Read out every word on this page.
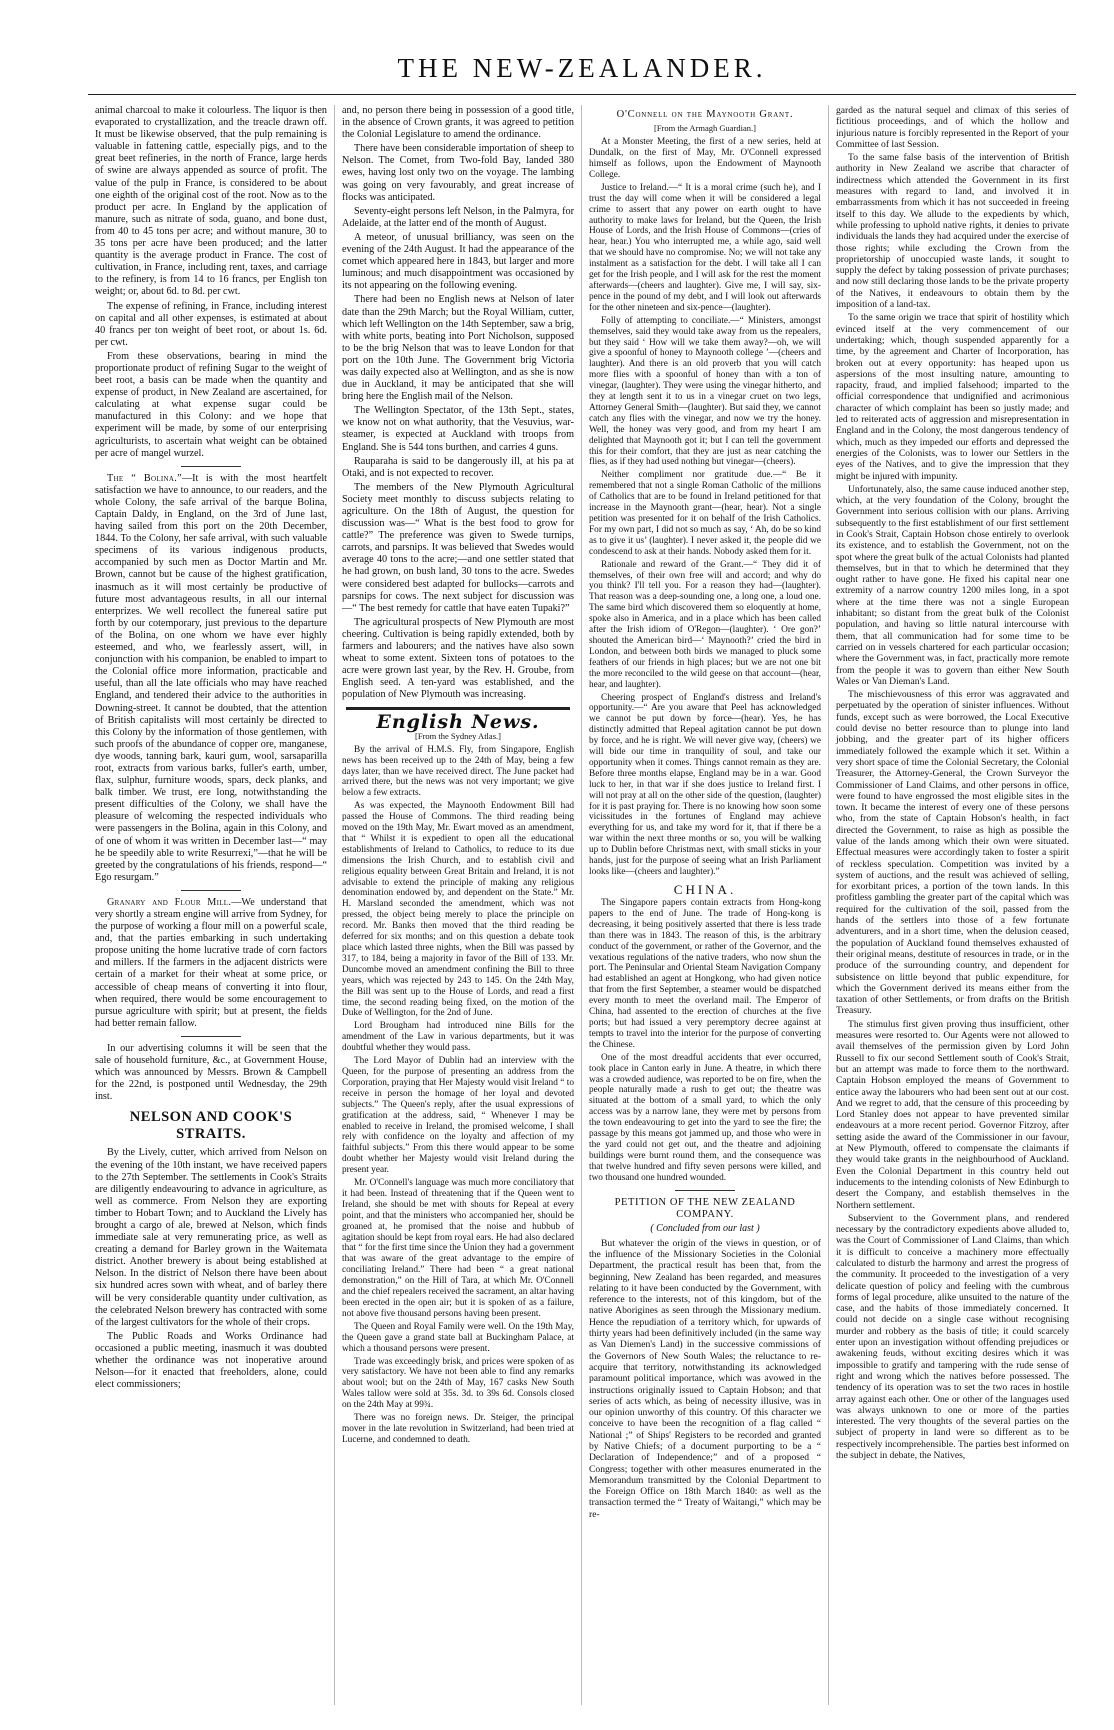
THE NEW-ZEALANDER.

animal charcoal to make it colourless. The liquor is then evaporated to crystallization, and the treacle drawn off. It must be likewise observed, that the pulp remaining is valuable in fattening cattle, especially pigs, and to the great beet refineries, in the north of France, large herds of swine are always appended as source of profit. The value of the pulp in France, is considered to be about one eighth of the original cost of the root. Now as to the product per acre. In England by the application of manure, such as nitrate of soda, guano, and bone dust, from 40 to 45 tons per acre; and without manure, 30 to 35 tons per acre have been produced; and the latter quantity is the average product in France. The cost of cultivation, in France, including rent, taxes, and carriage to the refinery, is from 14 to 16 francs, per English ton weight; or, about 6d. to 8d. per cwt.

The expense of refining, in France, including interest on capital and all other expenses, is estimated at about 40 francs per ton weight of beet root, or about 1s. 6d. per cwt.

From these observations, bearing in mind the proportionate product of refining Sugar to the weight of beet root, a basis can be made when the quantity and expense of product, in New Zealand are ascertained, for calculating at what expense sugar could be manufactured in this Colony: and we hope that experiment will be made, by some of our enterprising agriculturists, to ascertain what weight can be obtained per acre of mangel wurzel.

The “ Bolina.”—It is with the most heartfelt satisfaction we have to announce, to our readers, and the whole Colony, the safe arrival of the barque Bolina, Captain Daldy, in England, on the 3rd of June last, having sailed from this port on the 20th December, 1844. To the Colony, her safe arrival, with such valuable specimens of its various indigenous products, accompanied by such men as Doctor Martin and Mr. Brown, cannot but be cause of the highest gratification, inasmuch as it will most certainly be productive of future most advantageous results, in all our internal enterprizes. We well recollect the funereal satire put forth by our cotemporary, just previous to the departure of the Bolina, on one whom we have ever highly esteemed, and who, we fearlessly assert, will, in conjunction with his companion, be enabled to impart to the Colonial office more information, practicable and useful, than all the late officials who may have reached England, and tendered their advice to the authorities in Downing-street. It cannot be doubted, that the attention of British capitalists will most certainly be directed to this Colony by the information of those gentlemen, with such proofs of the abundance of copper ore, manganese, dye woods, tanning bark, kauri gum, wool, sarsaparilla root, extracts from various barks, fuller's earth, umber, flax, sulphur, furniture woods, spars, deck planks, and balk timber. We trust, ere long, notwithstanding the present difficulties of the Colony, we shall have the pleasure of welcoming the respected individuals who were passengers in the Bolina, again in this Colony, and of one of whom it was written in December last—“ may he be speedily able to write Resurrexi,”—that he will be greeted by the congratulations of his friends, respond—“ Ego resurgam.”

Granary and Flour Mill.—We understand that very shortly a stream engine will arrive from Sydney, for the purpose of working a flour mill on a powerful scale, and, that the parties embarking in such undertaking propose uniting the home lucrative trade of corn factors and millers. If the farmers in the adjacent districts were certain of a market for their wheat at some price, or accessible of cheap means of converting it into flour, when required, there would be some encouragement to pursue agriculture with spirit; but at present, the fields had better remain fallow.

In our advertising columns it will be seen that the sale of household furniture, &c., at Government House, which was announced by Messrs. Brown & Campbell for the 22nd, is postponed until Wednesday, the 29th inst.

NELSON AND COOK'S STRAITS.

By the Lively, cutter, which arrived from Nelson on the evening of the 10th instant, we have received papers to the 27th September. The settlements in Cook's Straits are diligently endeavouring to advance in agriculture, as well as commerce. From Nelson they are exporting timber to Hobart Town; and to Auckland the Lively has brought a cargo of ale, brewed at Nelson, which finds immediate sale at very remunerating price, as well as creating a demand for Barley grown in the Waitemata district. Another brewery is about being established at Nelson. In the district of Nelson there have been about six hundred acres sown with wheat, and of barley there will be very considerable quantity under cultivation, as the celebrated Nelson brewery has contracted with some of the largest cultivators for the whole of their crops.

The Public Roads and Works Ordinance had occasioned a public meeting, inasmuch it was doubted whether the ordinance was not inoperative around Nelson—for it enacted that freeholders, alone, could elect commissioners;

and, no person there being in possession of a good title, in the absence of Crown grants, it was agreed to petition the Colonial Legislature to amend the ordinance.

There have been considerable importation of sheep to Nelson. The Comet, from Two-fold Bay, landed 380 ewes, having lost only two on the voyage. The lambing was going on very favourably, and great increase of flocks was anticipated.

Seventy-eight persons left Nelson, in the Palmyra, for Adelaide, at the latter end of the month of August.

A meteor, of unusual brilliancy, was seen on the evening of the 24th August. It had the appearance of the comet which appeared here in 1843, but larger and more luminous; and much disappointment was occasioned by its not appearing on the following evening.

There had been no English news at Nelson of later date than the 29th March; but the Royal William, cutter, which left Wellington on the 14th September, saw a brig, with white ports, beating into Port Nicholson, supposed to be the brig Nelson that was to leave London for that port on the 10th June. The Government brig Victoria was daily expected also at Wellington, and as she is now due in Auckland, it may be anticipated that she will bring here the English mail of the Nelson.

The Wellington Spectator, of the 13th Sept., states, we know not on what authority, that the Vesuvius, war-steamer, is expected at Auckland with troops from England. She is 544 tons burthen, and carries 4 guns.

Rauparaha is said to be dangerously ill, at his pa at Otaki, and is not expected to recover.

The members of the New Plymouth Agricultural Society meet monthly to discuss subjects relating to agriculture. On the 18th of August, the question for discussion was—“ What is the best food to grow for cattle?” The preference was given to Swede turnips, carrots, and parsnips. It was believed that Swedes would average 40 tons to the acre;—and one settler stated that he had grown, on bush land, 30 tons to the acre. Swedes were considered best adapted for bullocks—carrots and parsnips for cows. The next subject for discussion was—“ The best remedy for cattle that have eaten Tupaki?”

The agricultural prospects of New Plymouth are most cheering. Cultivation is being rapidly extended, both by farmers and labourers; and the natives have also sown wheat to some extent. Sixteen tons of potatoes to the acre were grown last year, by the Rev. H. Groube, from English seed. A ten-yard was established, and the population of New Plymouth was increasing.

English News.
[From the Sydney Atlas.]

By the arrival of H.M.S. Fly, from Singapore, English news has been received up to the 24th of May, being a few days later, than we have received direct. The June packet had arrived there, but the news was not very important; we give below a few extracts.

As was expected, the Maynooth Endowment Bill had passed the House of Commons. The third reading being moved on the 19th May, Mr. Ewart moved as an amendment, that “ Whilst it is expedient to open all the educational establishments of Ireland to Catholics, to reduce to its due dimensions the Irish Church, and to establish civil and religious equality between Great Britain and Ireland, it is not advisable to extend the principle of making any religious denomination endowed by, and dependent on the State.” Mr. H. Marsland seconded the amendment, which was not pressed, the object being merely to place the principle on record. Mr. Banks then moved that the third reading be deferred for six months; and on this question a debate took place which lasted three nights, when the Bill was passed by 317, to 184, being a majority in favor of the Bill of 133. Mr. Duncombe moved an amendment confining the Bill to three years, which was rejected by 243 to 145. On the 24th May, the Bill was sent up to the House of Lords, and read a first time, the second reading being fixed, on the motion of the Duke of Wellington, for the 2nd of June.

Lord Brougham had introduced nine Bills for the amendment of the Law in various departments, but it was doubtful whether they would pass.

The Lord Mayor of Dublin had an interview with the Queen, for the purpose of presenting an address from the Corporation, praying that Her Majesty would visit Ireland “ to receive in person the homage of her loyal and devoted subjects.” The Queen's reply, after the usual expressions of gratification at the address, said, “ Whenever I may be enabled to receive in Ireland, the promised welcome, I shall rely with confidence on the loyalty and affection of my faithful subjects.” From this there would appear to be some doubt whether her Majesty would visit Ireland during the present year.

Mr. O'Connell's language was much more conciliatory that it had been. Instead of threatening that if the Queen went to Ireland, she should be met with shouts for Repeal at every point, and that the ministers who accompanied her, should be groaned at, he promised that the noise and hubbub of agitation should be kept from royal ears. He had also declared that “ for the first time since the Union they had a government that was aware of the great advantage to the empire of conciliating Ireland.” There had been “ a great national demonstration,” on the Hill of Tara, at which Mr. O'Connell and the chief repealers received the sacrament, an altar having been erected in the open air; but it is spoken of as a failure, not above five thousand persons having been present.

The Queen and Royal Family were well. On the 19th May, the Queen gave a grand state ball at Buckingham Palace, at which a thousand persons were present.

Trade was exceedingly brisk, and prices were spoken of as very satisfactory. We have not been able to find any remarks about wool; but on the 24th of May, 167 casks New South Wales tallow were sold at 35s. 3d. to 39s 6d. Consols closed on the 24th May at 99¾.

There was no foreign news. Dr. Steiger, the principal mover in the late revolution in Switzerland, had been tried at Lucerne, and condemned to death.

O'Connell on the Maynooth Grant.
[From the Armagh Guardian.]

At a Monster Meeting, the first of a new series, held at Dundalk, on the first of May, Mr. O'Connell expressed himself as follows, upon the Endowment of Maynooth College.

Justice to Ireland.—“ It is a moral crime (such he), and I trust the day will come when it will be considered a legal crime to assert that any power on earth ought to have authority to make laws for Ireland, but the Queen, the Irish House of Lords, and the Irish House of Commons—(cries of hear, hear.) You who interrupted me, a while ago, said well that we should have no compromise. No; we will not take any instalment as a satisfaction for the debt. I will take all I can get for the Irish people, and I will ask for the rest the moment afterwards—(cheers and laughter). Give me, I will say, six-pence in the pound of my debt, and I will look out afterwards for the other nineteen and six-pence—(laughter).

Folly of attempting to conciliate.—“ Ministers, amongst themselves, said they would take away from us the repealers, but they said ‘ How will we take them away?—oh, we will give a spoonful of honey to Maynooth college ’—(cheers and laughter). And there is an old proverb that you will catch more flies with a spoonful of honey than with a ton of vinegar, (laughter). They were using the vinegar hitherto, and they at length sent it to us in a vinegar cruet on two legs, Attorney General Smith—(laughter). But said they, we cannot catch any flies with the vinegar, and now we try the honey. Well, the honey was very good, and from my heart I am delighted that Maynooth got it; but I can tell the government this for their comfort, that they are just as near catching the flies, as if they had used nothing but vinegar—(cheers).

Neither compliment nor gratitude due.—“ Be it remembered that not a single Roman Catholic of the millions of Catholics that are to be found in Ireland petitioned for that increase in the Maynooth grant—(hear, hear). Not a single petition was presented for it on behalf of the Irish Catholics. For my own part, I did not so much as say, ‘ Ah, do be so kind as to give it us’ (laughter). I never asked it, the people did we condescend to ask at their hands. Nobody asked them for it.

Rationale and reward of the Grant.—“ They did it of themselves, of their own free will and accord; and why do you think? I'll tell you. For a reason they had—(laughter). That reason was a deep-sounding one, a long one, a loud one. The same bird which discovered them so eloquently at home, spoke also in America, and in a place which has been called after the Irish idiom of O'Regon—(laughter). ‘ Ore gon?’ shouted the American bird—‘ Maynooth?’ cried the bird in London, and between both birds we managed to pluck some feathers of our friends in high places; but we are not one bit the more reconciled to the wild geese on that account—(hear, hear, and laughter).

Cheering prospect of England's distress and Ireland's opportunity.—“ Are you aware that Peel has acknowledged we cannot be put down by force—(hear). Yes, he has distinctly admitted that Repeal agitation cannot be put down by force, and he is right. We will never give way, (cheers) we will bide our time in tranquility of soul, and take our opportunity when it comes. Things cannot remain as they are. Before three months elapse, England may be in a war. Good luck to her, in that war if she does justice to Ireland first. I will not pray at all on the other side of the question, (laughter) for it is past praying for. There is no knowing how soon some vicissitudes in the fortunes of England may achieve everything for us, and take my word for it, that if there be a war within the next three months or so, you will be walking up to Dublin before Christmas next, with small sticks in your hands, just for the purpose of seeing what an Irish Parliament looks like—(cheers and laughter).”

CHINA.

The Singapore papers contain extracts from Hong-kong papers to the end of June. The trade of Hong-kong is decreasing, it being positively asserted that there is less trade than there was in 1843. The reason of this, is the arbitrary conduct of the government, or rather of the Governor, and the vexatious regulations of the native traders, who now shun the port. The Peninsular and Oriental Steam Navigation Company had established an agent at Hongkong, who had given notice that from the first September, a steamer would be dispatched every month to meet the overland mail. The Emperor of China, had assented to the erection of churches at the five ports; but had issued a very peremptory decree against at tempts to travel into the interior for the purpose of converting the Chinese.

One of the most dreadful accidents that ever occurred, took place in Canton early in June. A theatre, in which there was a crowded audience, was reported to be on fire, when the people naturally made a rush to get out; the theatre was situated at the bottom of a small yard, to which the only access was by a narrow lane, they were met by persons from the town endeavouring to get into the yard to see the fire; the passage by this means got jammed up, and those who were in the yard could not get out, and the theatre and adjoining buildings were burnt round them, and the consequence was that twelve hundred and fifty seven persons were killed, and two thousand one hundred wounded.

PETITION OF THE NEW ZEALAND COMPANY.
( Concluded from our last )

But whatever the origin of the views in question, or of the influence of the Missionary Societies in the Colonial Department, the practical result has been that, from the beginning, New Zealand has been regarded, and measures relating to it have been conducted by the Government, with reference to the interests, not of this kingdom, but of the native Aborigines as seen through the Missionary medium. Hence the repudiation of a territory which, for upwards of thirty years had been definitively included (in the same way as Van Diemen's Land) in the successive commissions of the Governors of New South Wales; the reluctance to re-acquire that territory, notwithstanding its acknowledged paramount political importance, which was avowed in the instructions originally issued to Captain Hobson; and that series of acts which, as being of necessity illusive, was in our opinion unworthy of this country. Of this character we conceive to have been the recognition of a flag called “ National ;” of Ships' Registers to be recorded and granted by Native Chiefs; of a document purporting to be a “ Declaration of Independence;” and of a proposed “ Congress; together with other measures enumerated in the Memorandum transmitted by the Colonial Department to the Foreign Office on 18th March 1840: as well as the transaction termed the “ Treaty of Waitangi,” which may be re-

garded as the natural sequel and climax of this series of fictitious proceedings, and of which the hollow and injurious nature is forcibly represented in the Report of your Committee of last Session.

To the same false basis of the intervention of British authority in New Zealand we ascribe that character of indirectness which attended the Government in its first measures with regard to land, and involved it in embarrassments from which it has not succeeded in freeing itself to this day. We allude to the expedients by which, while professing to uphold native rights, it denies to private individuals the lands they had acquired under the exercise of those rights; while excluding the Crown from the proprietorship of unoccupied waste lands, it sought to supply the defect by taking possession of private purchases; and now still declaring those lands to be the private property of the Natives, it endeavours to obtain them by the imposition of a land-tax.

To the same origin we trace that spirit of hostility which evinced itself at the very commencement of our undertaking; which, though suspended apparently for a time, by the agreement and Charter of Incorporation, has broken out at every opportunity: has heaped upon us aspersions of the most insulting nature, amounting to rapacity, fraud, and implied falsehood; imparted to the official correspondence that undignified and acrimonious character of which complaint has been so justly made; and led to reiterated acts of aggression and misrepresentation in England and in the Colony, the most dangerous tendency of which, much as they impeded our efforts and depressed the energies of the Colonists, was to lower our Settlers in the eyes of the Natives, and to give the impression that they might be injured with impunity.

Unfortunately, also, the same cause induced another step, which, at the very foundation of the Colony, brought the Government into serious collision with our plans. Arriving subsequently to the first establishment of our first settlement in Cook's Strait, Captain Hobson chose entirely to overlook its existence, and to establish the Government, not on the spot where the great bulk of the actual Colonists had planted themselves, but in that to which he determined that they ought rather to have gone. He fixed his capital near one extremity of a narrow country 1200 miles long, in a spot where at the time there was not a single European inhabitant; so distant from the great bulk of the Colonist population, and having so little natural intercourse with them, that all communication had for some time to be carried on in vessels chartered for each particular occasion; where the Government was, in fact, practically more remote from the people it was to govern than either New South Wales or Van Dieman's Land.

The mischievousness of this error was aggravated and perpetuated by the operation of sinister influences. Without funds, except such as were borrowed, the Local Executive could devise no better resource than to plunge into land jobbing, and the greater part of its higher officers immediately followed the example which it set. Within a very short space of time the Colonial Secretary, the Colonial Treasurer, the Attorney-General, the Crown Surveyor the Commissioner of Land Claims, and other persons in office, were found to have engrossed the most eligible sites in the town. It became the interest of every one of these persons who, from the state of Captain Hobson's health, in fact directed the Government, to raise as high as possible the value of the lands among which their own were situated. Effectual measures were accordingly taken to foster a spirit of reckless speculation. Competition was invited by a system of auctions, and the result was achieved of selling, for exorbitant prices, a portion of the town lands. In this profitless gambling the greater part of the capital which was required for the cultivation of the soil, passed from the hands of the settlers into those of a few fortunate adventurers, and in a short time, when the delusion ceased, the population of Auckland found themselves exhausted of their original means, destitute of resources in trade, or in the produce of the surrounding country, and dependent for subsistence on little beyond that public expenditure, for which the Government derived its means either from the taxation of other Settlements, or from drafts on the British Treasury.

The stimulus first given proving thus insufficient, other measures were resorted to. Our Agents were not allowed to avail themselves of the permission given by Lord John Russell to fix our second Settlement south of Cook's Strait, but an attempt was made to force them to the northward. Captain Hobson employed the means of Government to entice away the labourers who had been sent out at our cost. And we regret to add, that the censure of this proceeding by Lord Stanley does not appear to have prevented similar endeavours at a more recent period. Governor Fitzroy, after setting aside the award of the Commissioner in our favour, at New Plymouth, offered to compensate the claimants if they would take grants in the neighbourhood of Auckland. Even the Colonial Department in this country held out inducements to the intending colonists of New Edinburgh to desert the Company, and establish themselves in the Northern settlement.

Subservient to the Government plans, and rendered necessary by the contradictory expedients above alluded to, was the Court of Commissioner of Land Claims, than which it is difficult to conceive a machinery more effectually calculated to disturb the harmony and arrest the progress of the community. It proceeded to the investigation of a very delicate question of policy and feeling with the cumbrous forms of legal procedure, alike unsuited to the nature of the case, and the habits of those immediately concerned. It could not decide on a single case without recognising murder and robbery as the basis of title; it could scarcely enter upon an investigation without offending prejudices or awakening feuds, without exciting desires which it was impossible to gratify and tampering with the rude sense of right and wrong which the natives before possessed. The tendency of its operation was to set the two races in hostile array against each other. One or other of the languages used was always unknown to one or more of the parties interested. The very thoughts of the several parties on the subject of property in land were so different as to be respectively incomprehensible. The parties best informed on the subject in debate, the Natives,
